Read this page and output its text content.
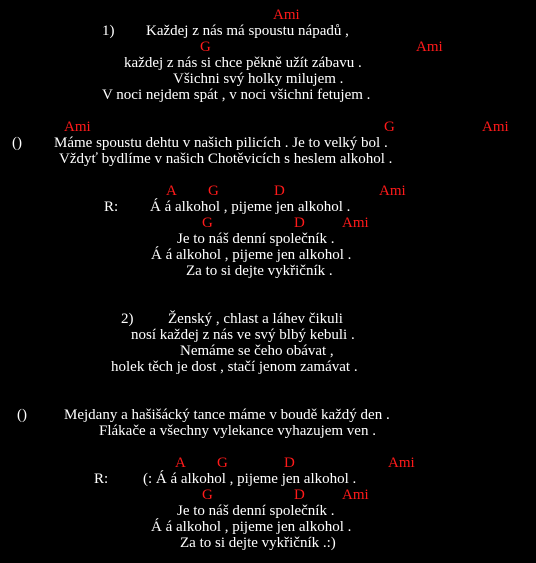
Ami
1) Každej z nás má spoustu nápadů ,
G	Ami
každej z nás si chce pěkně užít zábavu .
Všichni svý holky milujem .
V noci nejdem spát , v noci všichni fetujem .
Ami	G	Ami
() Máme spoustu dehtu v našich pilicích . Je to velký bol .
Vždyť bydlíme v našich Chotěvicích s heslem alkohol .
A G	D	Ami
R: Á á alkohol , pijeme jen alkohol .
G	D Ami
Je to náš denní společník .
Á á alkohol , pijeme jen alkohol .
Za to si dejte vykřičník .
2) Ženský , chlast a láhev čikuli
nosí každej z nás ve svý blbý kebuli .
Nemáme se čeho obávat ,
holek těch je dost , stačí jenom zamávat .
() Mejdany a hašišácký tance máme v boudě každý den .
Flákače a všechny vylekance vyhazujem ven .
A G	D	Ami
R: (: Á á alkohol , pijeme jen alkohol .
G	D Ami
Je to náš denní společník .
Á á alkohol , pijeme jen alkohol .
Za to si dejte vykřičník .:)
